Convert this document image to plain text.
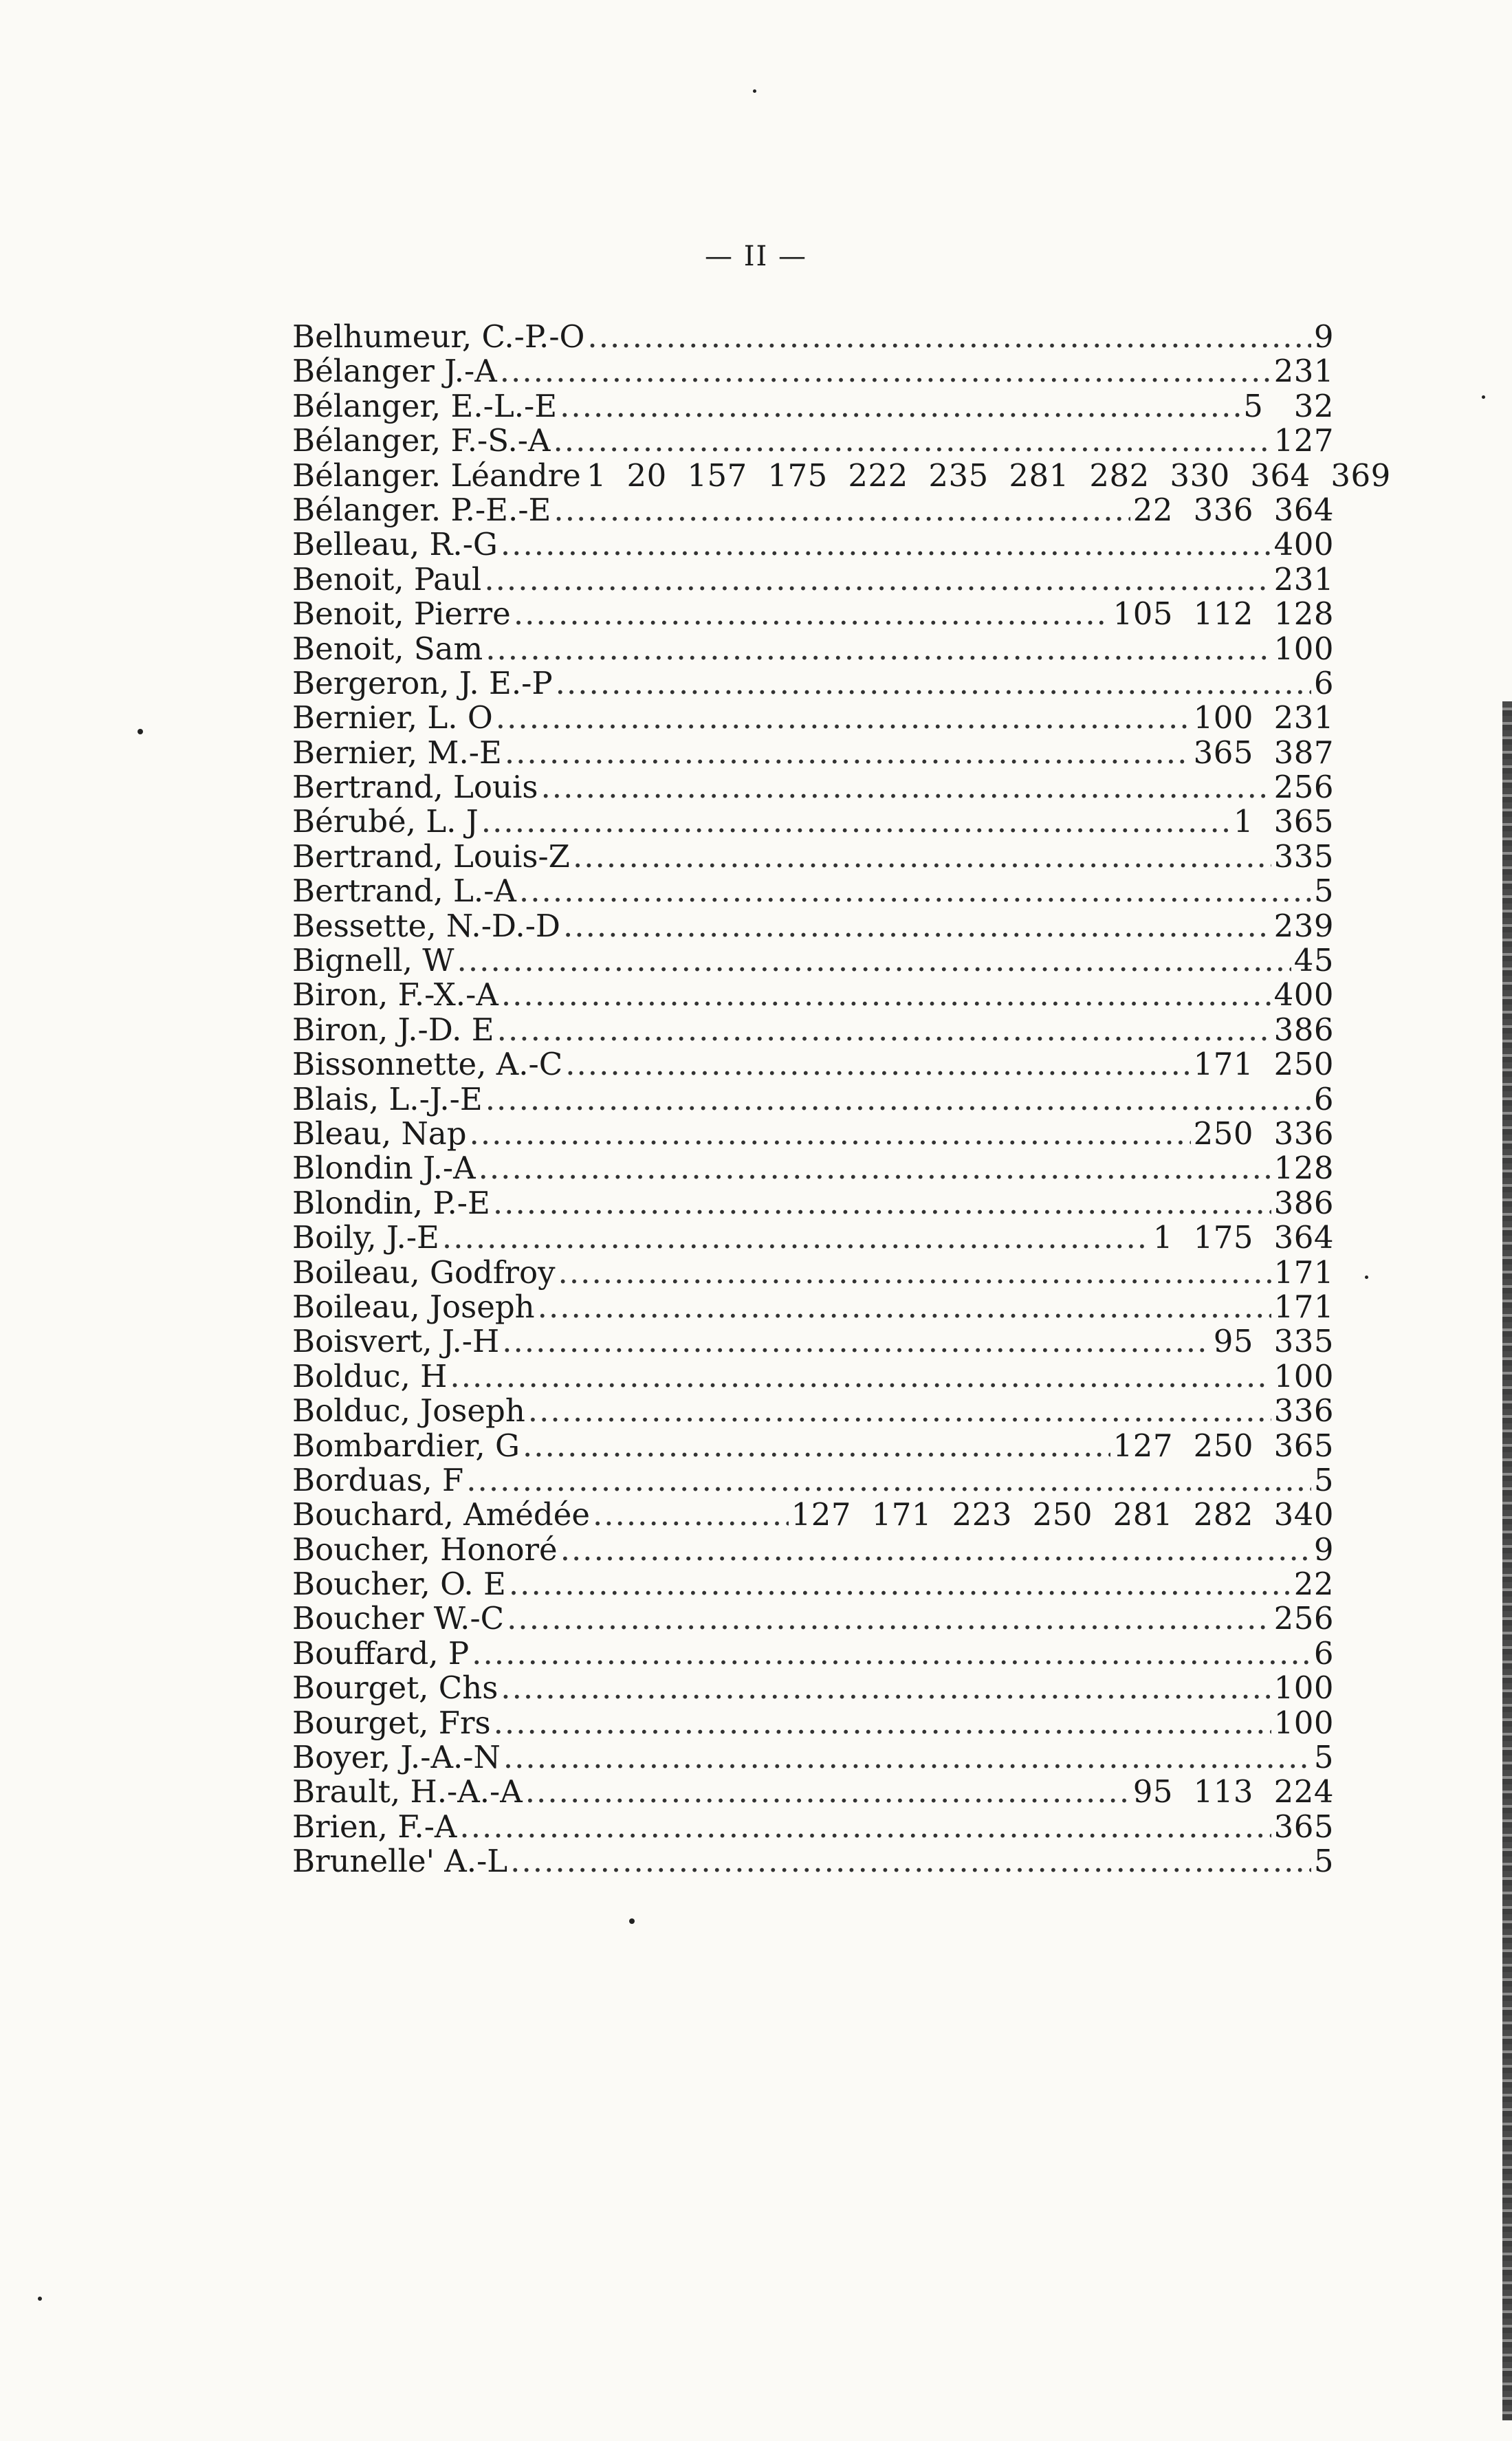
— II —
Belhumeur, C.-P.-O .....	9
Bélanger J.-A .....	231
Bélanger, E.-L.-E .....	5   32
Bélanger, F.-S.-A .....	127
Bélanger. Léandre 1  20  157  175  222  235  281  282  330  364  369
Bélanger. P.-E.-E .....	22  336  364
Belleau, R.-G .....	400
Benoit, Paul .....	231
Benoit, Pierre .....	105  112  128
Benoit, Sam .....	100
Bergeron, J. E.-P .....	6
Bernier, L. O .....	100  231
Bernier, M.-E .....	365  387
Bertrand, Louis .....	256
Bérubé, L. J .....	1  365
Bertrand, Louis-Z .....	335
Bertrand, L.-A .....	5
Bessette, N.-D.-D .....	239
Bignell, W .....	45
Biron, F.-X.-A .....	400
Biron, J.-D. E .....	386
Bissonnette, A.-C .....	171  250
Blais, L.-J.-E .....	6
Bleau, Nap .....	250  336
Blondin J.-A .....	128
Blondin, P.-E .....	386
Boily, J.-E .....	1  175  364
Boileau, Godfroy .....	171
Boileau, Joseph .....	171
Boisvert, J.-H .....	95  335
Bolduc, H .....	100
Bolduc, Joseph .....	336
Bombardier, G .....	127  250  365
Borduas, F .....	5
Bouchard, Amédée .....	127  171  223  250  281  282  340
Boucher, Honoré .....	9
Boucher, O. E .....	22
Boucher W.-C .....	256
Bouffard, P .....	6
Bourget, Chs .....	100
Bourget, Frs .....	100
Boyer, J.-A.-N .....	5
Brault, H.-A.-A .....	95  113  224
Brien, F.-A .....	365
Brunelle' A.-L .....	5
